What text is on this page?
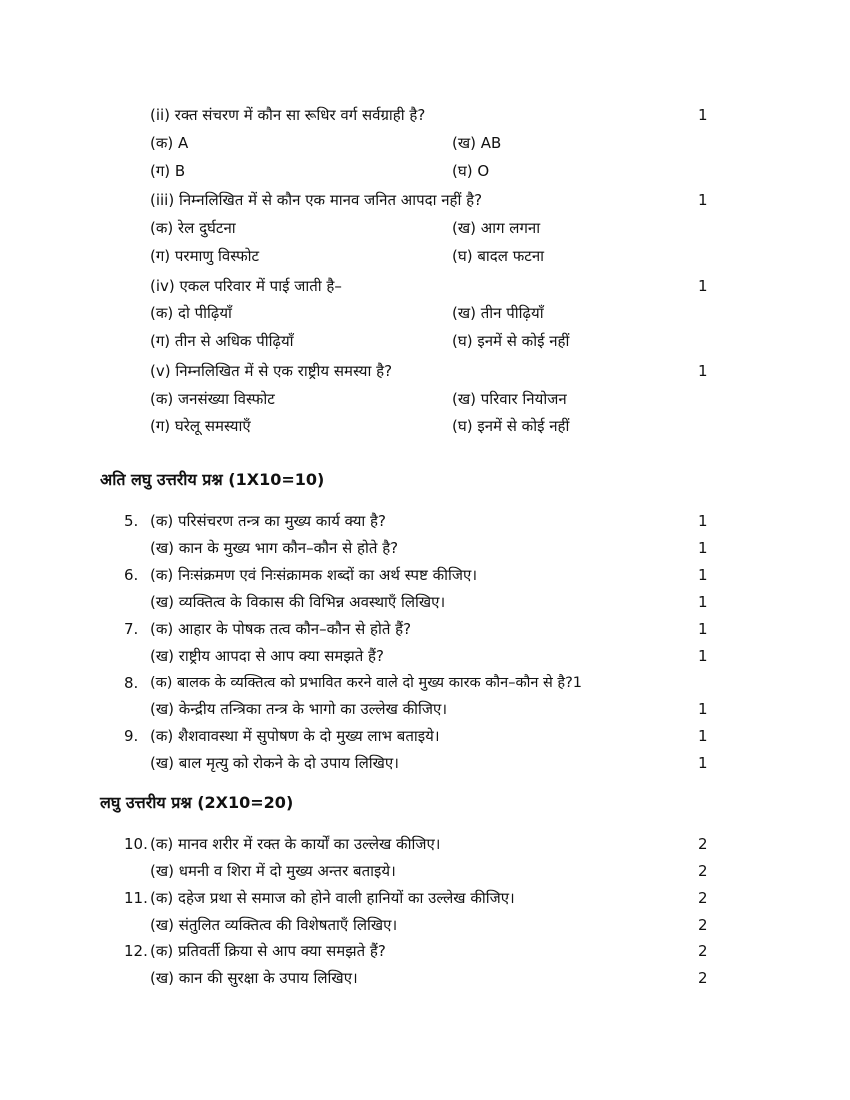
(ii) रक्त संचरण में कौन सा रूधिर वर्ग सर्वग्राही है?	1
(क) A	(ख) AB
(ग) B	(घ) O
(iii) निम्नलिखित में से कौन एक मानव जनित आपदा नहीं है?	1
(क) रेल दुर्घटना	(ख) आग लगना
(ग) परमाणु विस्फोट	(घ) बादल फटना
(iv) एकल परिवार में पाई जाती है–	1
(क) दो पीढ़ियाँ	(ख) तीन पीढ़ियाँ
(ग) तीन से अधिक पीढ़ियाँ	(घ) इनमें से कोई नहीं
(v) निम्नलिखित में से एक राष्ट्रीय समस्या है?	1
(क) जनसंख्या विस्फोट	(ख) परिवार नियोजन
(ग) घरेलू समस्याएँ	(घ) इनमें से कोई नहीं
अति लघु उत्तरीय प्रश्न (1X10=10)
5. (क) परिसंचरण तन्त्र का मुख्य कार्य क्या है?	1
(ख) कान के मुख्य भाग कौन–कौन से होते है?	1
6. (क) निःसंक्रमण एवं निःसंक्रामक शब्दों का अर्थ स्पष्ट कीजिए।	1
(ख) व्यक्तित्व के विकास की विभिन्न अवस्थाएँ लिखिए।	1
7. (क) आहार के पोषक तत्व कौन–कौन से होते हैं?	1
(ख) राष्ट्रीय आपदा से आप क्या समझते हैं?	1
8. (क) बालक के व्यक्तित्व को प्रभावित करने वाले दो मुख्य कारक कौन–कौन से है?1
(ख) केन्द्रीय तन्त्रिका तन्त्र के भागो का उल्लेख कीजिए।	1
9. (क) शैशवावस्था में सुपोषण के दो मुख्य लाभ बताइये।	1
(ख) बाल मृत्यु को रोकने के दो उपाय लिखिए।	1
लघु उत्तरीय प्रश्न (2X10=20)
10. (क) मानव शरीर में रक्त के कार्यों का उल्लेख कीजिए।	2
(ख) धमनी व शिरा में दो मुख्य अन्तर बताइये।	2
11. (क) दहेज प्रथा से समाज को होने वाली हानियों का उल्लेख कीजिए।	2
(ख) संतुलित व्यक्तित्व की विशेषताएँ लिखिए।	2
12. (क) प्रतिवर्ती क्रिया से आप क्या समझते हैं?	2
(ख) कान की सुरक्षा के उपाय लिखिए।	2
